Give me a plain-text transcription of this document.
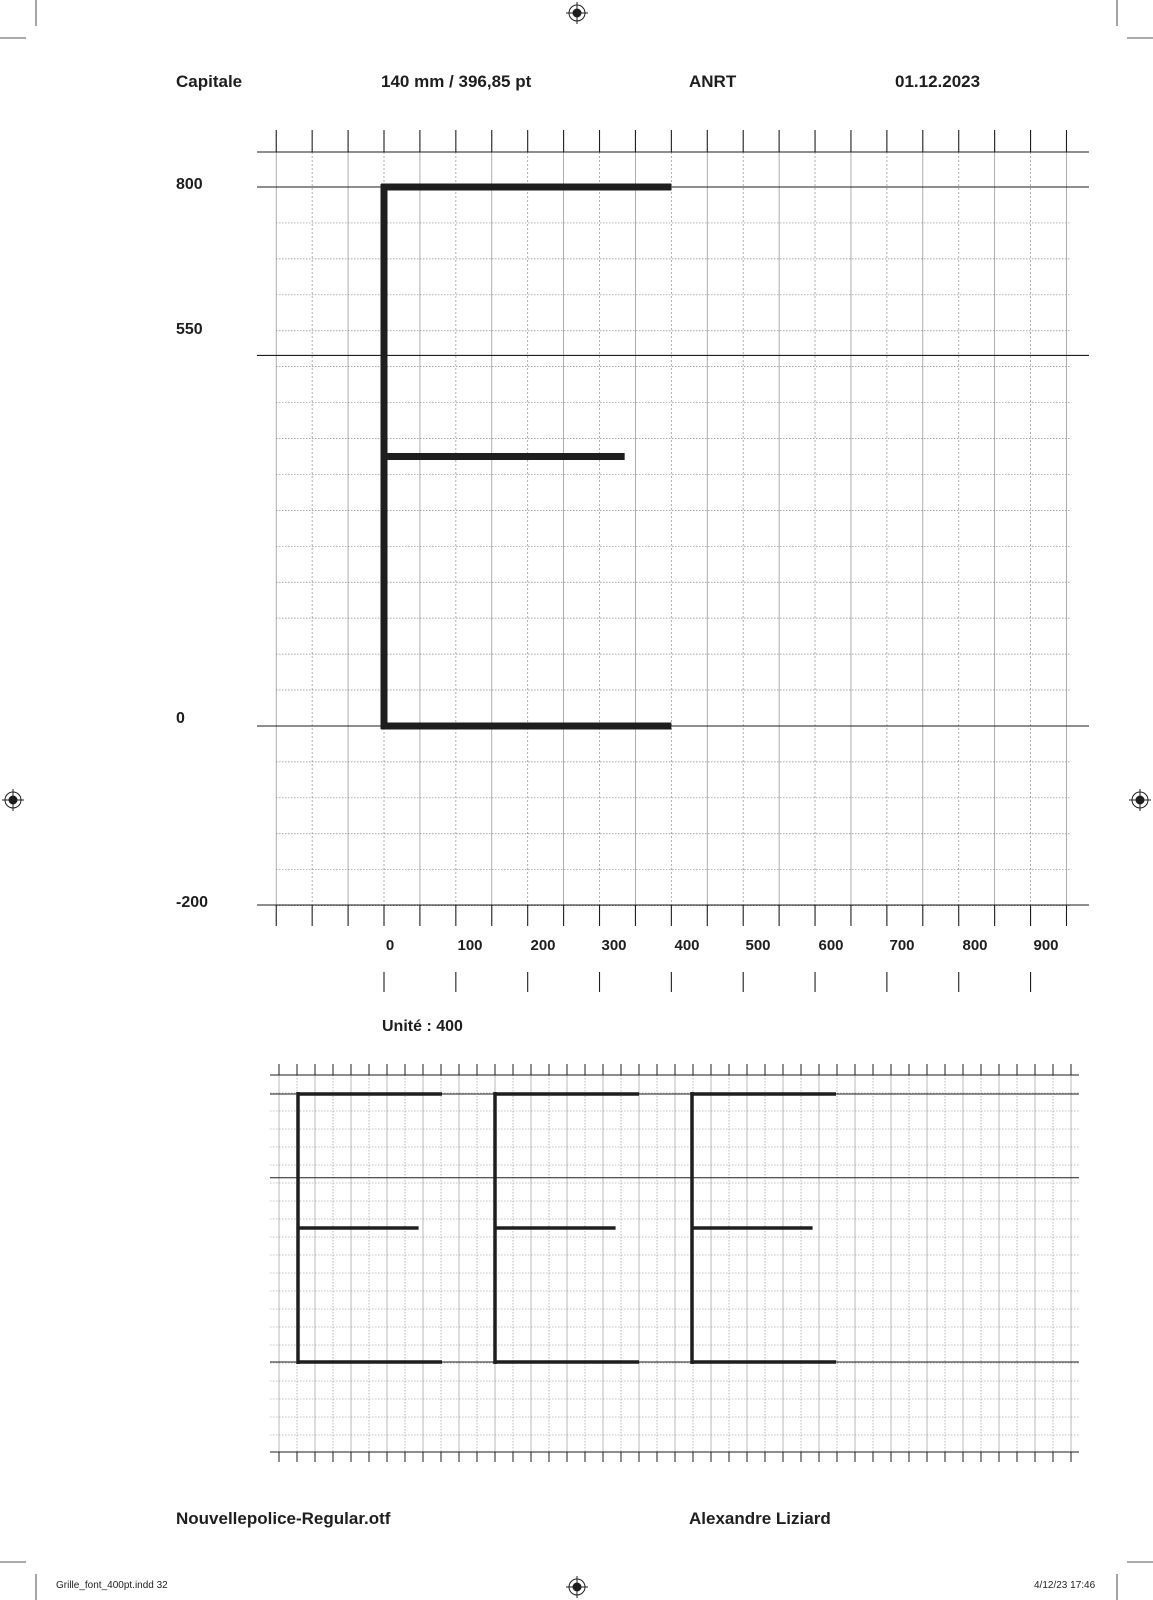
Capitale	140 mm / 396,85 pt	ANRT	01.12.2023
800
550
0
-200
0	100	200	300	400	500	600	700	800	900
Unité : 400
Nouvellepolice-Regular.otf	Alexandre Liziard
Grille_font_400pt.indd 32	4/12/23 17:46
